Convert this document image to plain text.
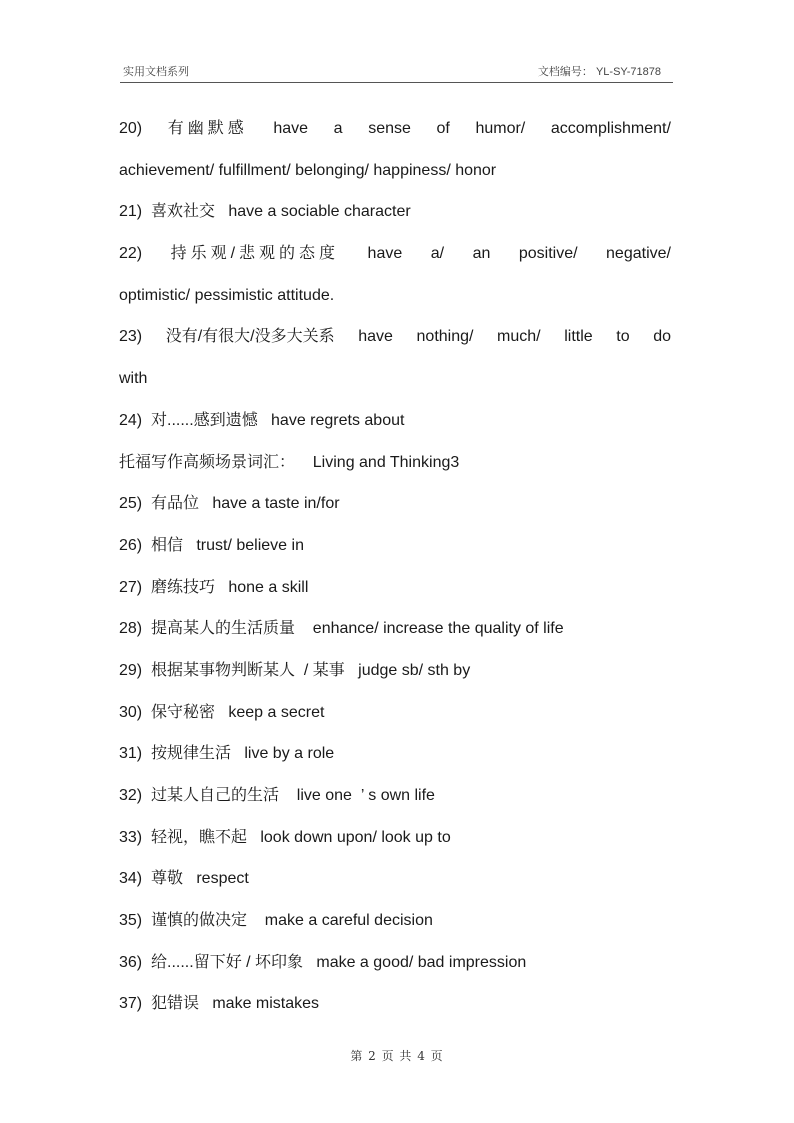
实用文档系列	文档编号： YL-SY-71878
20) 有幽默感 have a sense of humor/ accomplishment/
achievement/ fulfillment/ belonging/ happiness/ honor
21)  喜欢社交   have a sociable character
22) 持乐观/悲观的态度 have a/ an positive/ negative/
optimistic/ pessimistic attitude.
23) 没有/有很大/没多大关系 have nothing/ much/ little to do
with
24)  对......感到遗憾   have regrets about
托福写作高频场景词汇：    Living and Thinking3
25)  有品位   have a taste in/for
26)  相信   trust/ believe in
27)  磨练技巧   hone a skill
28)  提高某人的生活质量    enhance/ increase the quality of life
29)  根据某事物判断某人  / 某事   judge sb/ sth by
30)  保守秘密   keep a secret
31)  按规律生活   live by a role
32)  过某人自己的生活    live one  ’ s own life
33)  轻视，瞧不起   look down upon/ look up to
34)  尊敬   respect
35)  谨慎的做决定    make a careful decision
36)  给......留下好 / 坏印象   make a good/ bad impression
37)  犯错误   make mistakes
第 2 页 共 4 页
